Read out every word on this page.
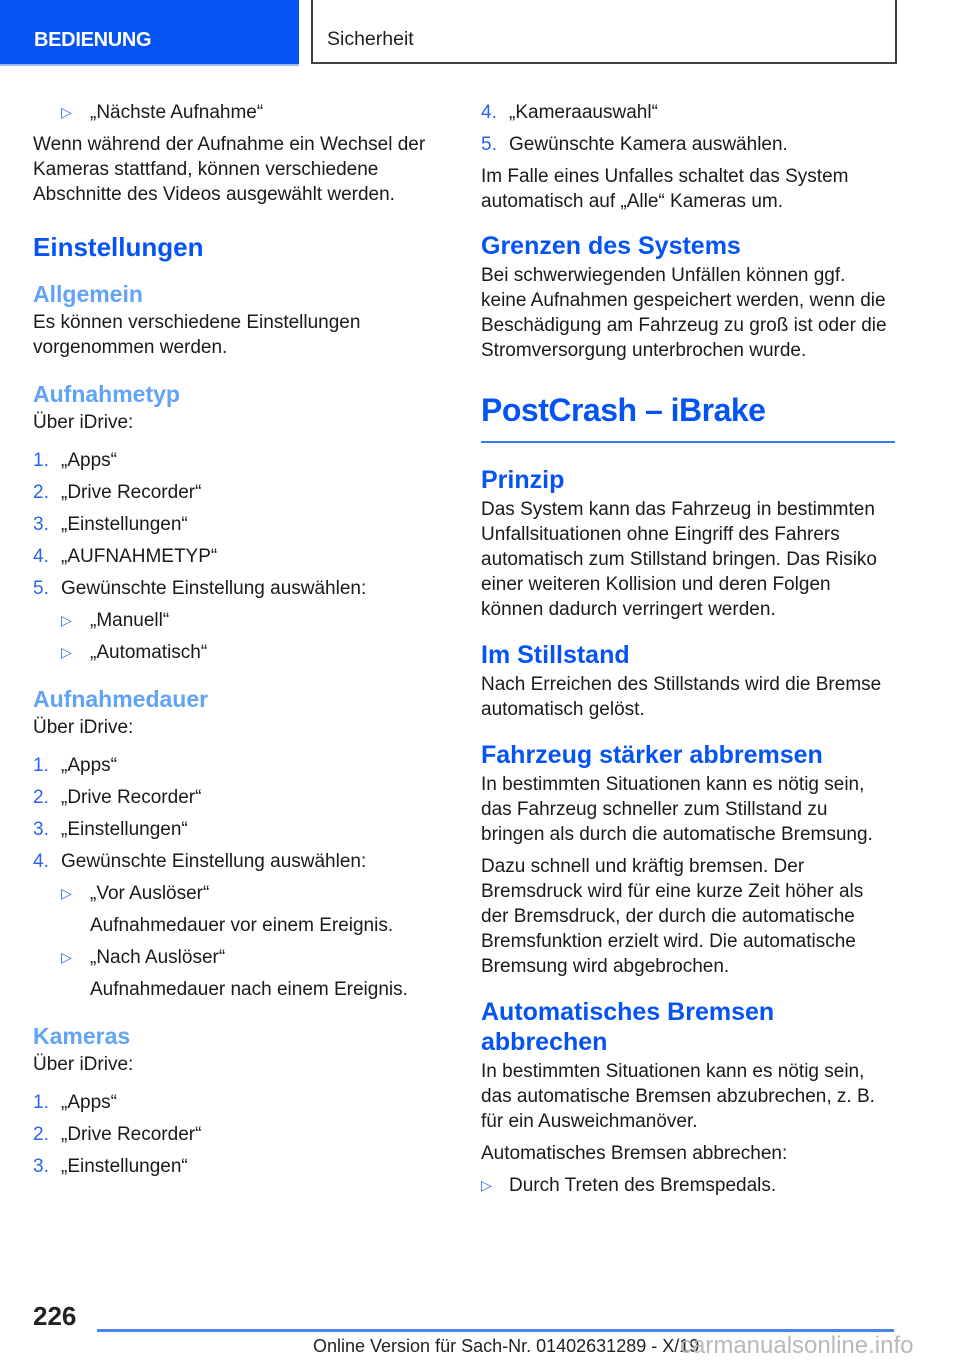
BEDIENUNG	Sicherheit
▷ „Nächste Aufnahme“

Wenn während der Aufnahme ein Wechsel der Kameras stattfand, können verschiedene Abschnitte des Videos ausgewählt werden.

Einstellungen
Allgemein

Es können verschiedene Einstellungen vorgenommen werden.

Aufnahmetyp

Über iDrive:

1. „Apps“
2. „Drive Recorder“
3. „Einstellungen“
4. „AUFNAHMETYP“
5. Gewünschte Einstellung auswählen:
▷ „Manuell“
▷ „Automatisch“
Aufnahmedauer

Über iDrive:

1. „Apps“
2. „Drive Recorder“
3. „Einstellungen“
4. Gewünschte Einstellung auswählen:
▷ „Vor Auslöser“

Aufnahmedauer vor einem Ereignis.

▷ „Nach Auslöser“

Aufnahmedauer nach einem Ereignis.

Kameras

Über iDrive:

1. „Apps“
2. „Drive Recorder“
3. „Einstellungen“
4. „Kameraauswahl“
5. Gewünschte Kamera auswählen.

Im Falle eines Unfalles schaltet das System automatisch auf „Alle“ Kameras um.

Grenzen des Systems

Bei schwerwiegenden Unfällen können ggf. keine Aufnahmen gespeichert werden, wenn die Beschädigung am Fahrzeug zu groß ist oder die Stromversorgung unterbrochen wurde.

PostCrash – iBrake
Prinzip

Das System kann das Fahrzeug in bestimmten Unfallsituationen ohne Eingriff des Fahrers automatisch zum Stillstand bringen. Das Risiko einer weiteren Kollision und deren Folgen können dadurch verringert werden.

Im Stillstand

Nach Erreichen des Stillstands wird die Bremse automatisch gelöst.

Fahrzeug stärker abbremsen

In bestimmten Situationen kann es nötig sein, das Fahrzeug schneller zum Stillstand zu bringen als durch die automatische Bremsung.

Dazu schnell und kräftig bremsen. Der Bremsdruck wird für eine kurze Zeit höher als der Bremsdruck, der durch die automatische Bremsfunktion erzielt wird. Die automatische Bremsung wird abgebrochen.

Automatisches Bremsen abbrechen

In bestimmten Situationen kann es nötig sein, das automatische Bremsen abzubrechen, z. B. für ein Ausweichmanöver.

Automatisches Bremsen abbrechen:

▷ Durch Treten des Bremspedals.
226
Online Version für Sach-Nr. 01402631289 - X/19
carmanualsonline.info
